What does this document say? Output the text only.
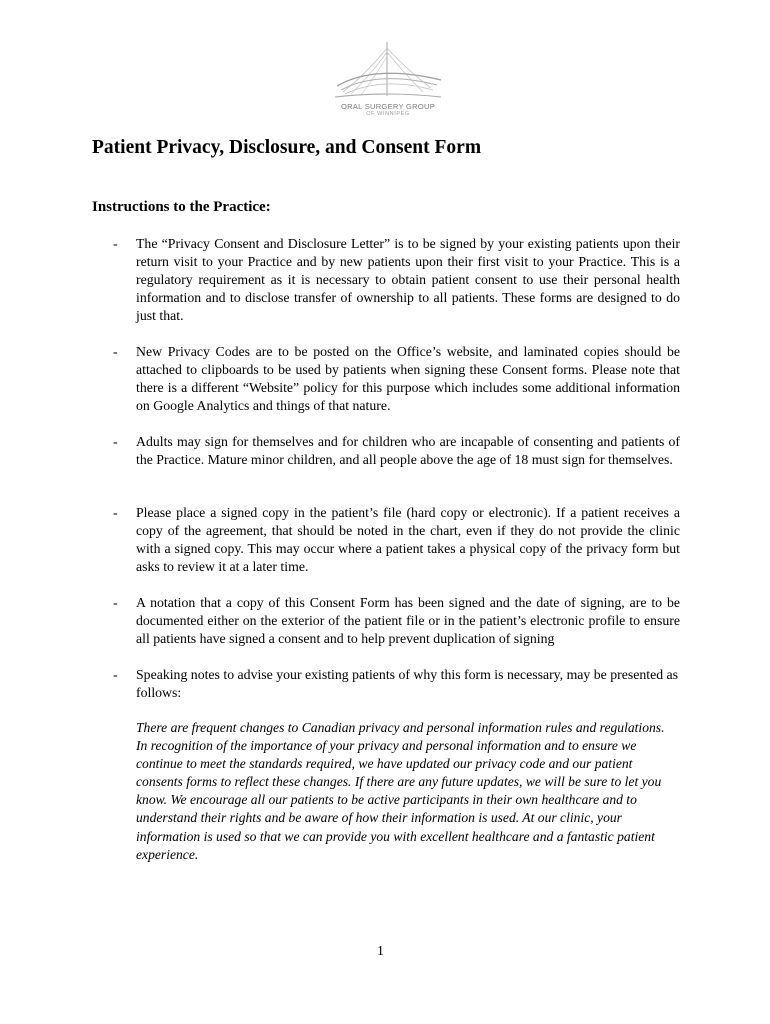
ORAL SURGERY GROUP
OF WINNIPEG
Patient Privacy, Disclosure, and Consent Form
Instructions to the Practice:
- The “Privacy Consent and Disclosure Letter” is to be signed by your existing patients upon their return visit to your Practice and by new patients upon their first visit to your Practice. This is a regulatory requirement as it is necessary to obtain patient consent to use their personal health information and to disclose transfer of ownership to all patients. These forms are designed to do just that.

- New Privacy Codes are to be posted on the Office’s website, and laminated copies should be attached to clipboards to be used by patients when signing these Consent forms. Please note that there is a different “Website” policy for this purpose which includes some additional information on Google Analytics and things of that nature.

- Adults may sign for themselves and for children who are incapable of consenting and patients of the Practice. Mature minor children, and all people above the age of 18 must sign for themselves.

- Please place a signed copy in the patient’s file (hard copy or electronic). If a patient receives a copy of the agreement, that should be noted in the chart, even if they do not provide the clinic with a signed copy. This may occur where a patient takes a physical copy of the privacy form but asks to review it at a later time.

- A notation that a copy of this Consent Form has been signed and the date of signing, are to be documented either on the exterior of the patient file or in the patient’s electronic profile to ensure all patients have signed a consent and to help prevent duplication of signing

- Speaking notes to advise your existing patients of why this form is necessary, may be presented as follows:

There are frequent changes to Canadian privacy and personal information rules and regulations. In recognition of the importance of your privacy and personal information and to ensure we continue to meet the standards required, we have updated our privacy code and our patient consents forms to reflect these changes. If there are any future updates, we will be sure to let you know. We encourage all our patients to be active participants in their own healthcare and to understand their rights and be aware of how their information is used. At our clinic, your information is used so that we can provide you with excellent healthcare and a fantastic patient experience.

1
